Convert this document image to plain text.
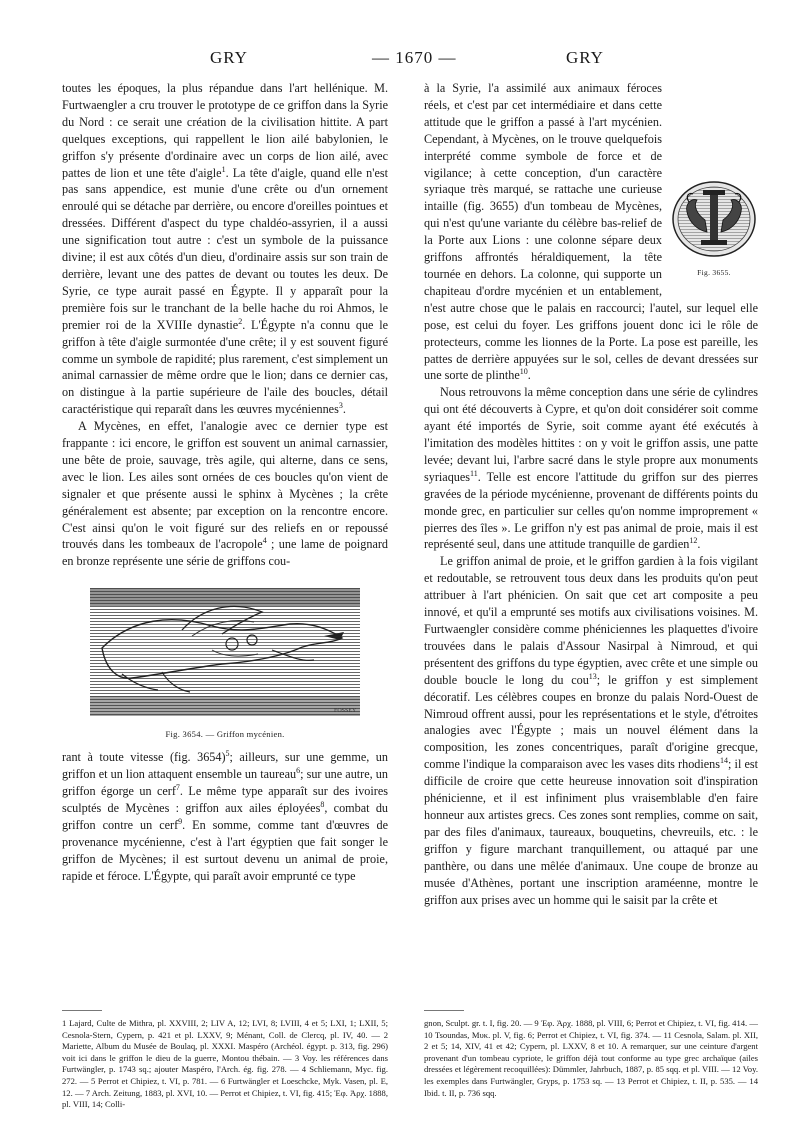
GRY	— 1670 —	GRY

toutes les époques, la plus répandue dans l'art hellénique. M. Furtwaengler a cru trouver le prototype de ce griffon dans la Syrie du Nord : ce serait une création de la civilisation hittite. A part quelques exceptions, qui rappellent le lion ailé babylonien, le griffon s'y présente d'ordinaire avec un corps de lion ailé, avec pattes de lion et une tête d'aigle$^1$. La tête d'aigle, quand elle n'est pas sans appendice, est munie d'une crête ou d'un ornement enroulé qui se détache par derrière, ou encore d'oreilles pointues et dressées. Différent d'aspect du type chaldéo-assyrien, il a aussi une signification tout autre : c'est un symbole de la puissance divine; il est aux côtés d'un dieu, d'ordinaire assis sur son train de derrière, levant une des pattes de devant ou toutes les deux. De Syrie, ce type aurait passé en Égypte. Il y apparaît pour la première fois sur le tranchant de la belle hache du roi Ahmos, le premier roi de la XVIIIe dynastie$^2$. L'Égypte n'a connu que le griffon à tête d'aigle surmontée d'une crête; il y est souvent figuré comme un symbole de rapidité; plus rarement, c'est simplement un animal carnassier de même ordre que le lion; dans ce dernier cas, on distingue à la partie supérieure de l'aile des boucles, détail caractéristique qui reparaît dans les œuvres mycéniennes$^3$.

A Mycènes, en effet, l'analogie avec ce dernier type est frappante : ici encore, le griffon est souvent un animal carnassier, une bête de proie, sauvage, très agile, qui alterne, dans ce sens, avec le lion. Les ailes sont ornées de ces boucles qu'on vient de signaler et que présente aussi le sphinx à Mycènes ; la crête généralement est absente; par exception on la rencontre encore. C'est ainsi qu'on le voit figuré sur des reliefs en or repoussé trouvés dans les tombeaux de l'acropole$^4$ ; une lame de poignard en bronze représente une série de griffons cou-

FOSSEY
Fig. 3654. — Griffon mycénien.

rant à toute vitesse (fig. 3654)$^5$; ailleurs, sur une gemme, un griffon et un lion attaquent ensemble un taureau$^6$; sur une autre, un griffon égorge un cerf$^7$. Le même type apparaît sur des ivoires sculptés de Mycènes : griffon aux ailes éployées$^8$, combat du griffon contre un cerf$^9$. En somme, comme tant d'œuvres de provenance mycénienne, c'est à l'art égyptien que fait songer le griffon de Mycènes; il est surtout devenu un animal de proie, rapide et féroce. L'Égypte, qui paraît avoir emprunté ce type

Fig. 3655.

à la Syrie, l'a assimilé aux animaux féroces réels, et c'est par cet intermédiaire et dans cette attitude que le griffon a passé à l'art mycénien. Cependant, à Mycènes, on le trouve quelquefois interprété comme symbole de force et de vigilance; à cette conception, d'un caractère syriaque très marqué, se rattache une curieuse intaille (fig. 3655) d'un tombeau de Mycènes, qui n'est qu'une variante du célèbre bas-relief de la Porte aux Lions : une colonne sépare deux griffons affrontés héraldiquement, la tête tournée en dehors. La colonne, qui supporte un chapiteau d'ordre mycénien et un entablement, n'est autre chose que le palais en raccourci; l'autel, sur lequel elle pose, est celui du foyer. Les griffons jouent donc ici le rôle de protecteurs, comme les lionnes de la Porte. La pose est pareille, les pattes de derrière appuyées sur le sol, celles de devant dressées sur une sorte de plinthe$^{10}$.

Nous retrouvons la même conception dans une série de cylindres qui ont été découverts à Cypre, et qu'on doit considérer soit comme ayant été importés de Syrie, soit comme ayant été exécutés à l'imitation des modèles hittites : on y voit le griffon assis, une patte levée; devant lui, l'arbre sacré dans le style propre aux monuments syriaques$^{11}$. Telle est encore l'attitude du griffon sur des pierres gravées de la période mycénienne, provenant de différents points du monde grec, en particulier sur celles qu'on nomme improprement « pierres des îles ». Le griffon n'y est pas animal de proie, mais il est représenté seul, dans une attitude tranquille de gardien$^{12}$.

Le griffon animal de proie, et le griffon gardien à la fois vigilant et redoutable, se retrouvent tous deux dans les produits qu'on peut attribuer à l'art phénicien. On sait que cet art composite a peu innové, et qu'il a emprunté ses motifs aux civilisations voisines. M. Furtwaengler considère comme phéniciennes les plaquettes d'ivoire trouvées dans le palais d'Assour Nasirpal à Nimroud, et qui présentent des griffons du type égyptien, avec crête et une simple ou double boucle le long du cou$^{13}$; le griffon y est simplement décoratif. Les célèbres coupes en bronze du palais Nord-Ouest de Nimroud offrent aussi, pour les représentations et le style, d'étroites analogies avec l'Égypte ; mais un nouvel élément dans la composition, les zones concentriques, paraît d'origine grecque, comme l'indique la comparaison avec les vases dits rhodiens$^{14}$; il est difficile de croire que cette heureuse innovation soit d'inspiration phénicienne, et il est infiniment plus vraisemblable d'en faire honneur aux artistes grecs. Ces zones sont remplies, comme on sait, par des files d'animaux, taureaux, bouquetins, chevreuils, etc. : le griffon y figure marchant tranquillement, ou attaqué par une panthère, ou dans une mêlée d'animaux. Une coupe de bronze au musée d'Athènes, portant une inscription araméenne, montre le griffon aux prises avec un homme qui le saisit par la crête et

1 Lajard, Culte de Mithra, pl. XXVIII, 2; LIV A, 12; LVI, 8; LVIII, 4 et 5; LXI, 1; LXII, 5; Cesnola-Stern, Cypern, p. 421 et pl. LXXV, 9; Ménant, Coll. de Clercq, pl. IV, 40. — 2 Mariette, Album du Musée de Boulaq, pl. XXXI. Maspéro (Archéol. égypt. p. 313, fig. 296) voit ici dans le griffon le dieu de la guerre, Montou thébain. — 3 Voy. les références dans Furtwängler, p. 1743 sq.; ajouter Maspéro, l'Arch. ég. fig. 278. — 4 Schliemann, Myc. fig. 272. — 5 Perrot et Chipiez, t. VI, p. 781. — 6 Furtwängler et Loeschcke, Myk. Vasen, pl. E, 12. — 7 Arch. Zeitung, 1883, pl. XVI, 10. — Perrot et Chipiez, t. VI, fig. 415; Ἐφ. Ἀρχ. 1888, pl. VIII, 14; Colli-
gnon, Sculpt. gr. t. I, fig. 20. — 9 Ἐφ. Ἀρχ. 1888, pl. VIII, 6; Perrot et Chipiez, t. VI, fig. 414. — 10 Tsoundas, Μυκ. pl. V, fig. 6; Perrot et Chipiez, t. VI, fig. 374. — 11 Cesnola, Salam. pl. XII, 2 et 5; 14, XIV, 41 et 42; Cypern, pl. LXXV, 8 et 10. A remarquer, sur une ceinture d'argent provenant d'un tombeau cypriote, le griffon déjà tout conforme au type grec archaïque (ailes dressées et légèrement recoquillées): Dümmler, Jahrbuch, 1887, p. 85 sqq. et pl. VIII. — 12 Voy. les exemples dans Furtwängler, Gryps, p. 1753 sq. — 13 Perrot et Chipiez, t. II, p. 535. — 14 Ibid. t. II, p. 736 sqq.
